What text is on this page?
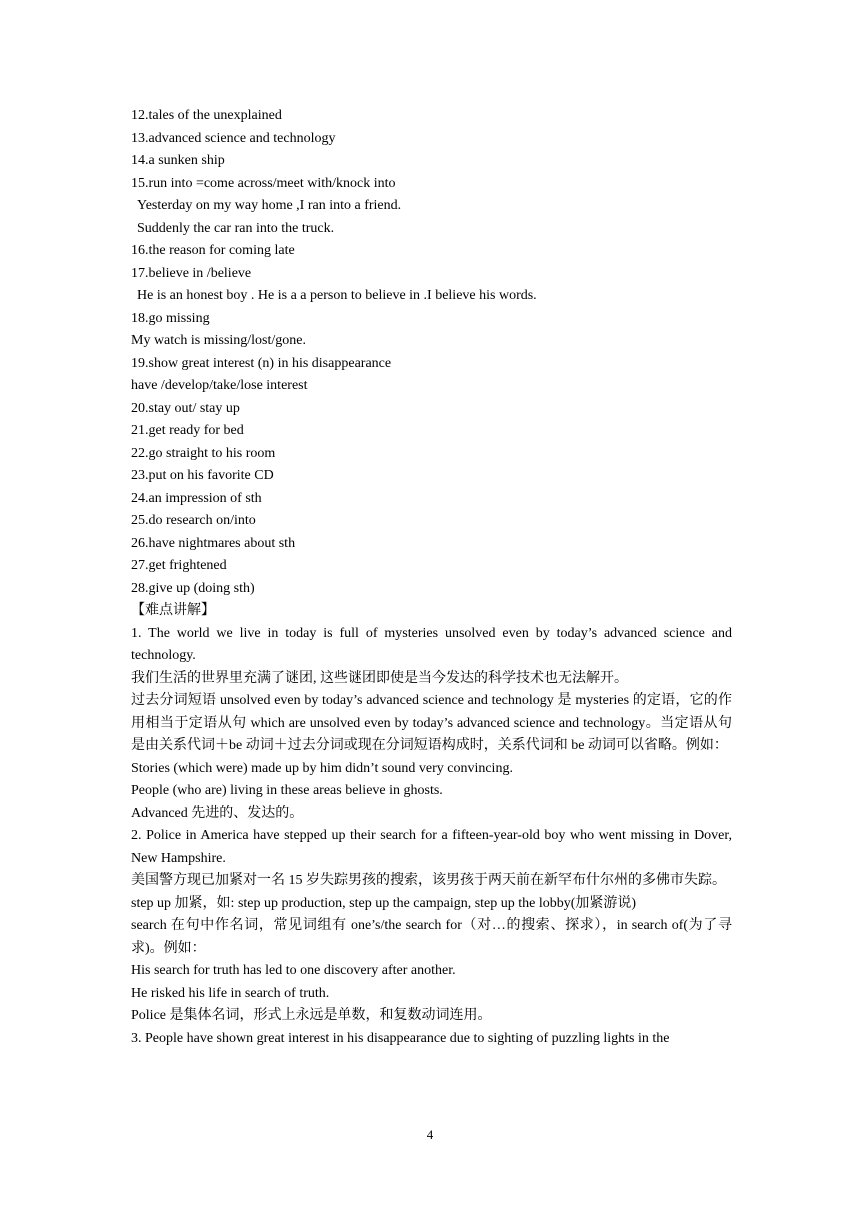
12.tales of the unexplained
13.advanced science and technology
14.a sunken ship
15.run into =come across/meet with/knock into
Yesterday on my way home ,I ran into a friend.
Suddenly the car ran into the truck.
16.the reason for coming late
17.believe in /believe
He is an honest boy . He is a a person to believe in .I believe his words.
18.go missing
My watch is missing/lost/gone.
19.show great interest (n) in his disappearance
have /develop/take/lose interest
20.stay out/ stay up
21.get ready for bed
22.go straight to his room
23.put on his favorite CD
24.an impression of sth
25.do research on/into
26.have nightmares about sth
27.get frightened
28.give up (doing sth)
【难点讲解】
1. The world we live in today is full of mysteries unsolved even by today’s advanced science and technology.
我们生活的世界里充满了谜团, 这些谜团即使是当今发达的科学技术也无法解开。
过去分词短语 unsolved even by today’s advanced science and technology 是 mysteries 的定语，它的作用相当于定语从句 which are unsolved even by today’s advanced science and technology。当定语从句是由关系代词＋be 动词＋过去分词或现在分词短语构成时，关系代词和 be 动词可以省略。例如：
Stories (which were) made up by him didn’t sound very convincing.
People (who are) living in these areas believe in ghosts.
Advanced 先进的、发达的。
2. Police in America have stepped up their search for a fifteen-year-old boy who went missing in Dover, New Hampshire.
美国警方现已加紧对一名 15 岁失踪男孩的搜索，该男孩于两天前在新罕布什尔州的多佛市失踪。
step up 加紧，如: step up production, step up the campaign, step up the lobby(加紧游说)
search 在句中作名词，常见词组有 one’s/the search for（对…的搜索、探求），in search of(为了寻求)。例如：
His search for truth has led to one discovery after another.
He risked his life in search of truth.
Police 是集体名词，形式上永远是单数，和复数动词连用。
3. People have shown great interest in his disappearance due to sighting of puzzling lights in the
4
